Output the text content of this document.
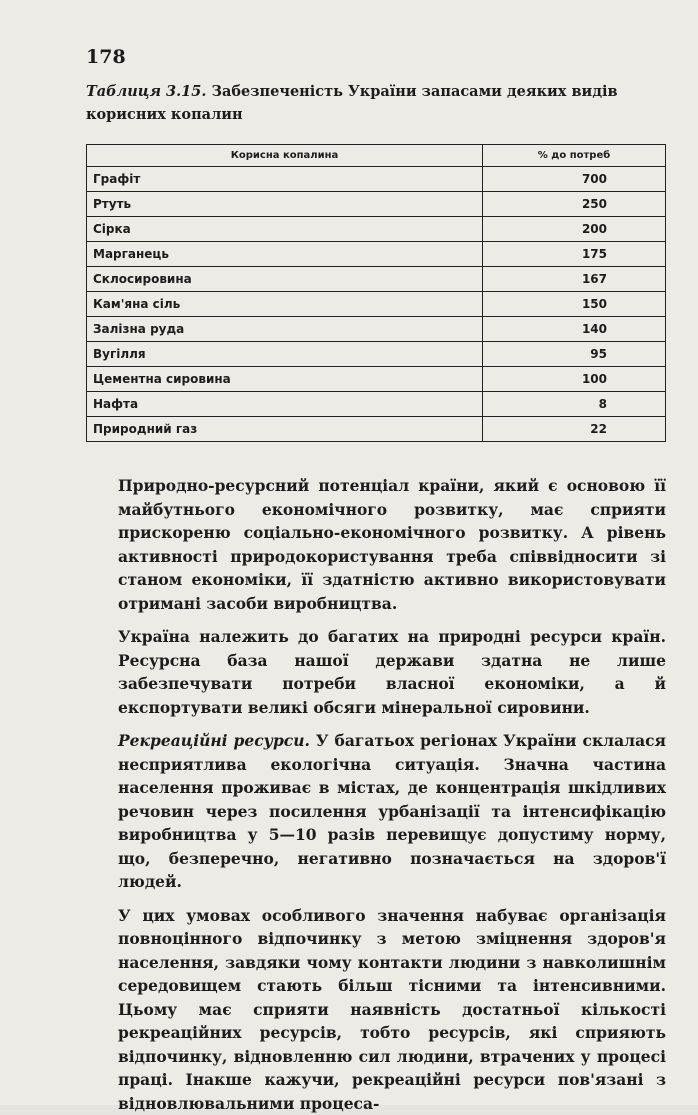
178
Таблиця 3.15. Забезпеченість України запасами деяких видів корисних копалин
Корисна копалина	% до потреб
Графіт	700
Ртуть	250
Сірка	200
Марганець	175
Склосировина	167
Кам'яна сіль	150
Залізна руда	140
Вугілля	95
Цементна сировина	100
Нафта	8
Природний газ	22

Природно-ресурсний потенціал країни, який є основою її майбутнього економічного розвитку, має сприяти прискореню соціально-економічного розвитку. А рівень активності природокористування треба співвідносити зі станом економіки, її здатністю активно використовувати отримані засоби виробництва.

Україна належить до багатих на природні ресурси країн. Ресурсна база нашої держави здатна не лише забезпечувати потреби власної економіки, а й експортувати великі обсяги мінеральної сировини.

Рекреаційні ресурси. У багатьох регіонах України склалася несприятлива екологічна ситуація. Значна частина населення проживає в містах, де концентрація шкідливих речовин через посилення урбанізації та інтенсифікацію виробництва у 5—10 разів перевищує допустиму норму, що, безперечно, негативно позначається на здоров'ї людей.

У цих умовах особливого значення набуває організація повноцінного відпочинку з метою зміцнення здоров'я населення, завдяки чому контакти людини з навколишнім середовищем стають більш тісними та інтенсивними. Цьому має сприяти наявність достатньої кількості рекреаційних ресурсів, тобто ресурсів, які сприяють відпочинку, відновленню сил людини, втрачених у процесі праці. Інакше кажучи, рекреаційні ресурси пов'язані з відновлювальними процеса-
